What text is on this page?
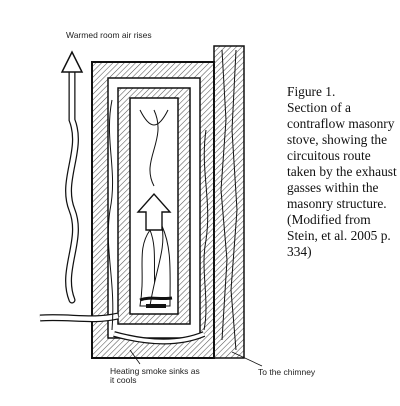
Warmed room air rises
Heating smoke sinks as it cools
To the chimney
Figure 1.
Section of a contraflow masonry stove, showing the circuitous route taken by the exhaust gasses within the masonry structure.
(Modified from Stein, et al. 2005 p. 334)
